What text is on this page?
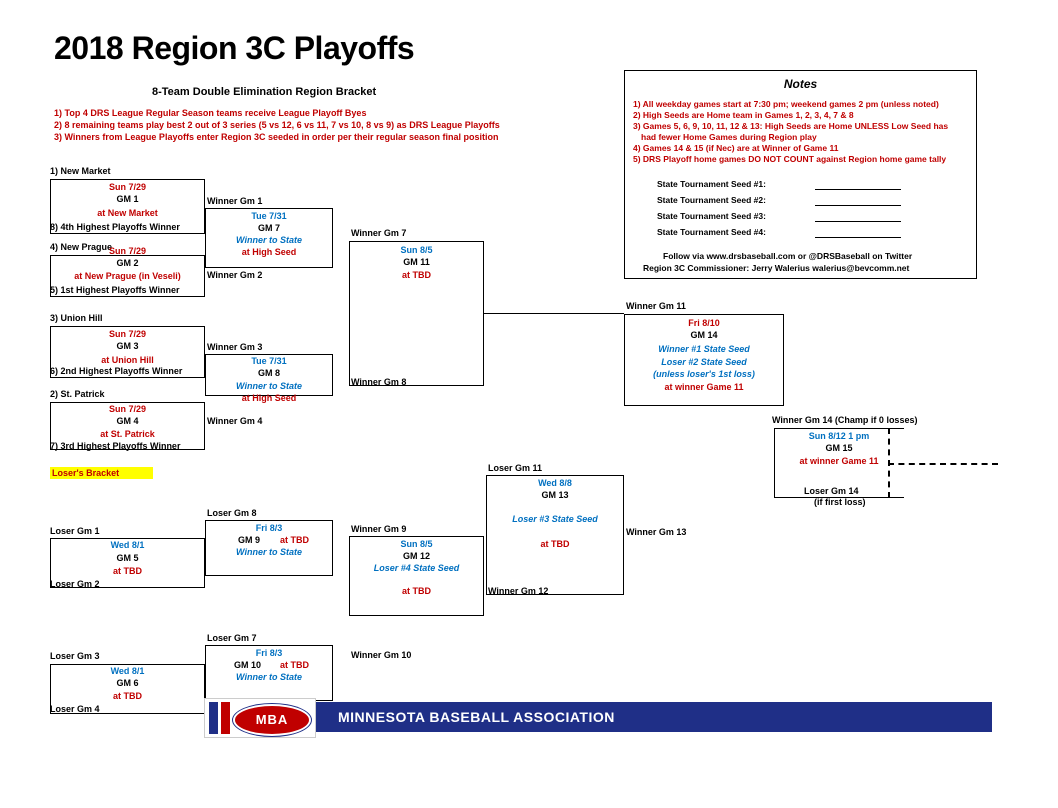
2018 Region 3C Playoffs
8-Team Double Elimination Region Bracket
1) Top 4 DRS League Regular Season teams receive League Playoff Byes
2) 8 remaining teams play best 2 out of 3 series (5 vs 12, 6 vs 11, 7 vs 10, 8 vs 9) as DRS League Playoffs
3) Winners from League Playoffs enter Region 3C seeded in order per their regular season final position
Notes
1) All weekday games start at 7:30 pm; weekend games 2 pm (unless noted)
2) High Seeds are Home team in Games 1, 2, 3, 4, 7 & 8
3) Games 5, 6, 9, 10, 11, 12 & 13: High Seeds are Home UNLESS Low Seed has
had fewer Home Games during Region play
4) Games 14 & 15 (if Nec) are at Winner of Game 11
5) DRS Playoff home games DO NOT COUNT against Region home game tally
State Tournament Seed #1:
State Tournament Seed #2:
State Tournament Seed #3:
State Tournament Seed #4:
Follow via www.drsbaseball.com or @DRSBaseball on Twitter
Region 3C Commissioner: Jerry Walerius walerius@bevcomm.net
1) New Market
Sun 7/29
GM 1
at New Market
8) 4th Highest Playoffs Winner
4) New Prague
Sun 7/29
GM 2
at New Prague (in Veseli)
5) 1st Highest Playoffs Winner
3) Union Hill
Sun 7/29
GM 3
at Union Hill
6) 2nd Highest Playoffs Winner
2) St. Patrick
Sun 7/29
GM 4
at St. Patrick
7) 3rd Highest Playoffs Winner
Winner Gm 1
Tue 7/31
GM 7
Winner to State
at High Seed
Winner Gm 2
Winner Gm 3
Tue 7/31
GM 8
Winner to State
at High Seed
Winner Gm 4
Winner Gm 7
Sun 8/5
GM 11
at TBD
Winner Gm 8
Winner Gm 11
Fri 8/10
GM 14
Winner #1 State Seed
Loser #2 State Seed
(unless loser's 1st loss)
at winner Game 11
Winner Gm 13
Winner Gm 14 (Champ if 0 losses)
Sun 8/12 1 pm
GM 15
at winner Game 11
Loser Gm 14
(if first loss)
Loser's Bracket
Loser Gm 1
Wed 8/1
GM 5
at TBD
Loser Gm 2
Loser Gm 3
Wed 8/1
GM 6
at TBD
Loser Gm 4
Loser Gm 8
Fri 8/3
GM 9 at TBD
Winner to State
Loser Gm 7
Fri 8/3
GM 10 at TBD
Winner to State
Winner Gm 9
Sun 8/5
GM 12
Loser #4 State Seed
at TBD
Winner Gm 10
Loser Gm 11
Wed 8/8
GM 13
Loser #3 State Seed
at TBD
Winner Gm 12
MINNESOTA BASEBALL ASSOCIATION
MBA
